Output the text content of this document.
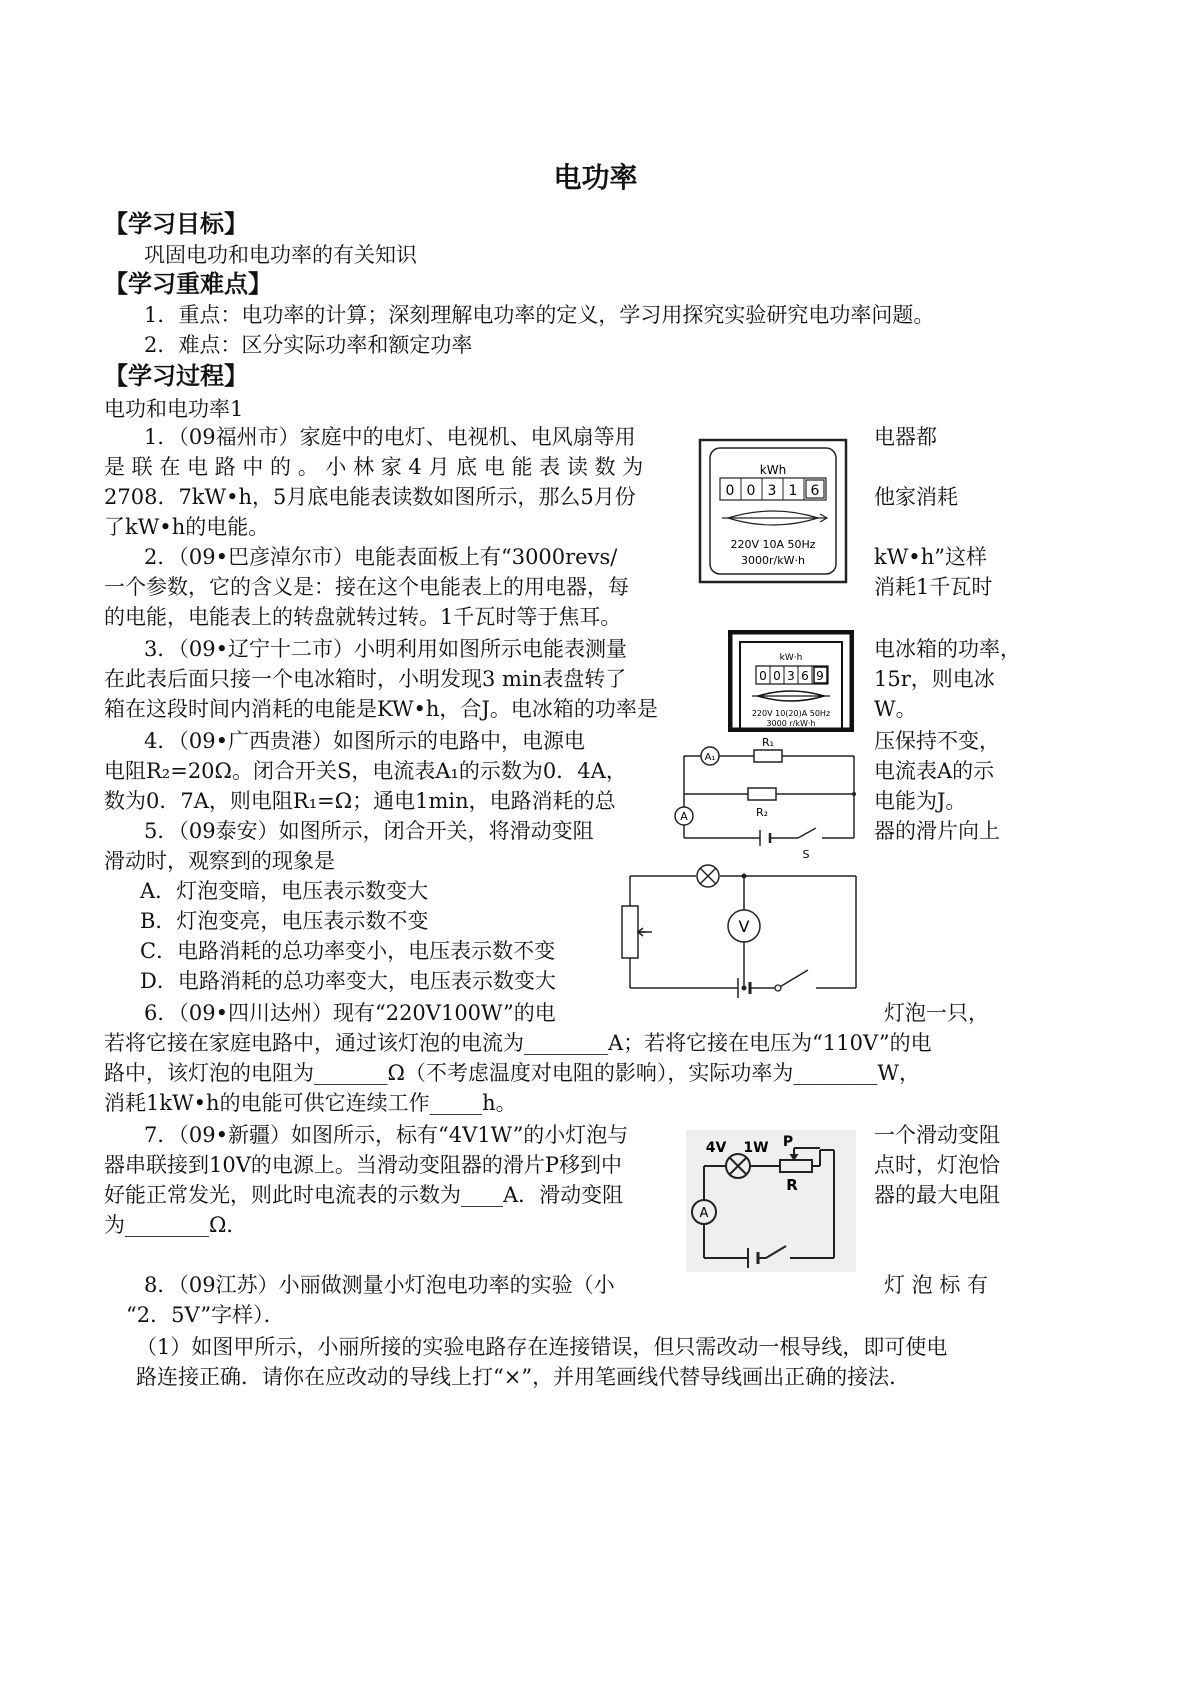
电功率
【学习目标】
巩固电功和电功率的有关知识
【学习重难点】
1．重点：电功率的计算；深刻理解电功率的定义，学习用探究实验研究电功率问题。
2．难点：区分实际功率和额定功率
【学习过程】
电功和电功率1
1．（09福州市）家庭中的电灯、电视机、电风扇等用	电器都
是 联 在 电 路 中 的 。 小 林 家 4 月 底 电 能 表 读 数 为
2708．7kW•h，5月底电能表读数如图所示，那么5月份	他家消耗
了kW•h的电能。
kWh
0 0 3 1 6
220V 10A 50Hz
3000r/kW·h
2．（09•巴彦淖尔市）电能表面板上有“3000revs/	kW•h”这样
一个参数，它的含义是：接在这个电能表上的用电器，每	消耗1千瓦时
的电能，电能表上的转盘就转过转。1千瓦时等于焦耳。
3．（09•辽宁十二市）小明利用如图所示电能表测量	电冰箱的功率，
在此表后面只接一个电冰箱时，小明发现3 min表盘转了	15r，则电冰
箱在这段时间内消耗的电能是KW•h，合J。电冰箱的功率是	W。
kW·h
0 0 3 6 9
220V 10(20)A 50Hz
3000 r/kW·h
4．（09•广西贵港）如图所示的电路中，电源电	压保持不变，
电阻R₂=20Ω。闭合开关S，电流表A₁的示数为0．4A，	电流表A的示
数为0．7A，则电阻R₁=Ω；通电1min，电路消耗的总	电能为J。
A₁
R₁
R₂
A
S
5．（09泰安）如图所示，闭合开关，将滑动变阻	器的滑片向上
滑动时，观察到的现象是
A．灯泡变暗，电压表示数变大
B．灯泡变亮，电压表示数不变
C．电路消耗的总功率变小，电压表示数不变
D．电路消耗的总功率变大，电压表示数变大
V
6．（09•四川达州）现有“220V100W”的电	灯泡一只，
若将它接在家庭电路中，通过该灯泡的电流为________A；若将它接在电压为“110V”的电
路中，该灯泡的电阻为_______Ω（不考虑温度对电阻的影响），实际功率为________W，
消耗1kW•h的电能可供它连续工作_____h。
7．（09•新疆）如图所示，标有“4V1W”的小灯泡与	一个滑动变阻
器串联接到10V的电源上。当滑动变阻器的滑片P移到中	点时，灯泡恰
好能正常发光，则此时电流表的示数为____A．滑动变阻	器的最大电阻
为________Ω．
4V 1W P
R
A
8．（09江苏）小丽做测量小灯泡电功率的实验（小	灯 泡 标 有
“2．5V”字样）．
（1）如图甲所示，小丽所接的实验电路存在连接错误，但只需改动一根导线，即可使电
路连接正确．请你在应改动的导线上打“×”，并用笔画线代替导线画出正确的接法．
